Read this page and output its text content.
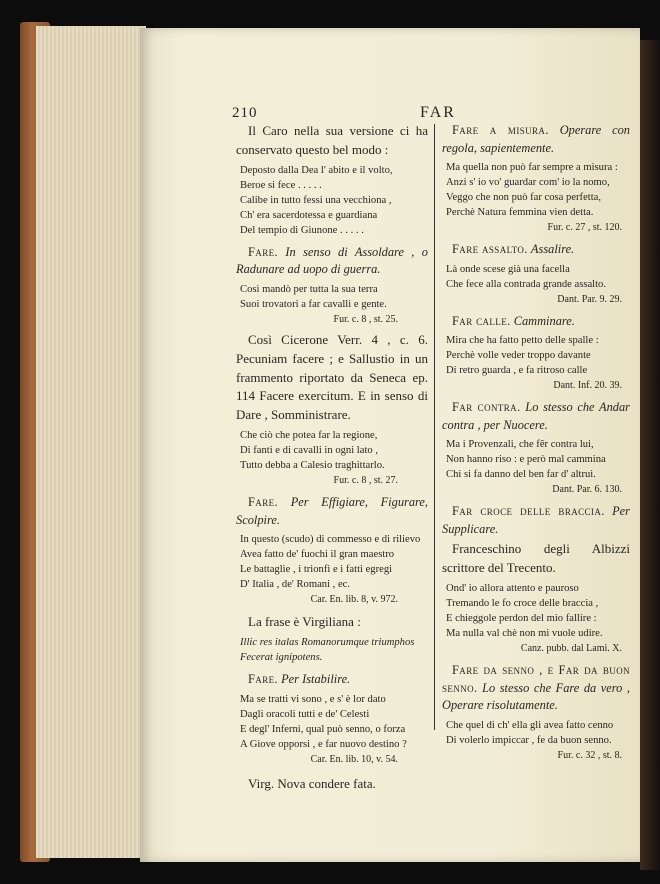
210	FAR

Il Caro nella sua versione ci ha conservato questo bel modo :

Deposto dalla Dea l' abito e il volto,
Beroe si fece . . . . .
Calibe in tutto fessi una vecchiona ,
Ch' era sacerdotessa e guardiana
Del tempio di Giunone . . . . .

Fare. In senso di Assoldare , o Radunare ad uopo di guerra.

Così mandò per tutta la sua terra
Suoi trovatori a far cavalli e gente.
Fur. c. 8 , st. 25.

Così Cicerone Verr. 4 , c. 6. Pecuniam facere ; e Sallustio in un frammento riportato da Seneca ep. 114 Facere exercitum. E in senso di Dare , Somministrare.

Che ciò che potea far la regione,
Di fanti e di cavalli in ogni lato ,
Tutto debba a Calesio traghittarlo.
Fur. c. 8 , st. 27.

Fare. Per Effigiare, Figurare, Scolpire.

In questo (scudo) di commesso e di rilievo
Avea fatto de' fuochi il gran maestro
Le battaglie , i trionfi e i fatti egregi
D' Italia , de' Romani , ec.
Car. En. lib. 8, v. 972.

La frase è Virgiliana :

Illic res italas Romanorumque triumphos
Fecerat ignipotens.

Fare. Per Istabilire.

Ma se tratti vi sono , e s' è lor dato
Dagli oracoli tutti e de' Celesti
E degl' Inferni, qual può senno, o forza
A Giove opporsi , e far nuovo destino ?
Car. En. lib. 10, v. 54.

Virg. Nova condere fata.

Fare a misura. Operare con regola, sapientemente.

Ma quella non può far sempre a misura :
Anzi s' io vo' guardar com' io la nomo,
Veggo che non può far cosa perfetta,
Perchè Natura femmina vien detta.
Fur. c. 27 , st. 120.

Fare assalto. Assalire.

Là onde scese già una facella
Che fece alla contrada grande assalto.
Dant. Par. 9. 29.

Far calle. Camminare.

Mira che ha fatto petto delle spalle :
Perchè volle veder troppo davante
Di retro guarda , e fa ritroso calle
Dant. Inf. 20. 39.

Far contra. Lo stesso che Andar contra , per Nuocere.

Ma i Provenzali, che fêr contra lui,
Non hanno riso : e però mal cammina
Chi si fa danno del ben far d' altrui.
Dant. Par. 6. 130.

Far croce delle braccia. Per Supplicare.

Franceschino degli Albizzi scrittore del Trecento.

Ond' io allora attento e pauroso
Tremando le fo croce delle braccia ,
E chieggole perdon del mio fallire :
Ma nulla val chè non mi vuole udire.
Canz. pubb. dal Lami. X.

Fare da senno , e Far da buon senno. Lo stesso che Fare da vero , Operare risolutamente.

Che quel di ch' ella gli avea fatto cenno
Di volerlo impiccar , fe da buon senno.
Fur. c. 32 , st. 8.
